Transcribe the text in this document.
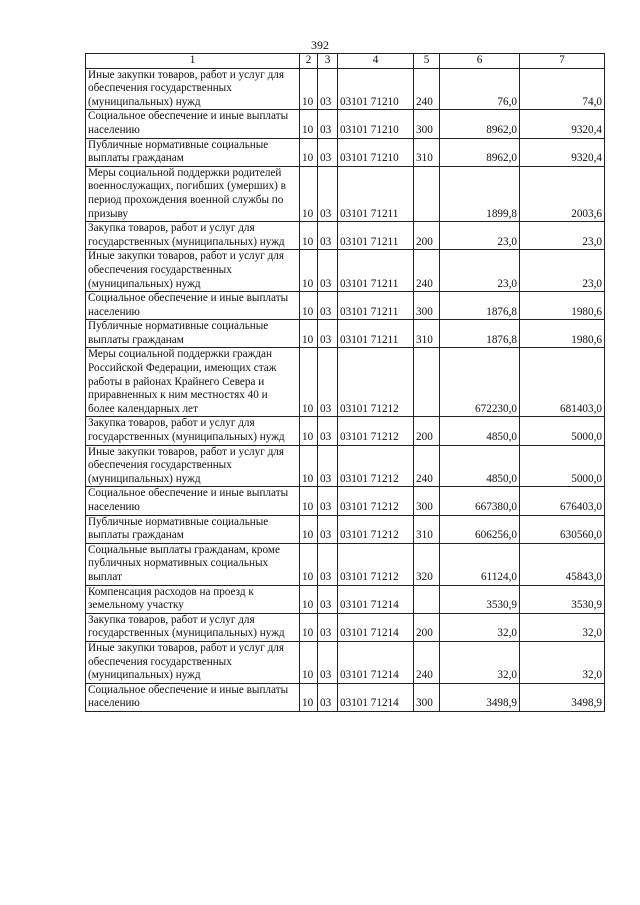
392
1	2	3	4	5	6	7
Иные закупки товаров, работ и услуг для обеспечения государственных (муниципальных) нужд	10	03	03101 71210	240	76,0	74,0
Социальное обеспечение и иные выплаты населению	10	03	03101 71210	300	8962,0	9320,4
Публичные нормативные социальные выплаты гражданам	10	03	03101 71210	310	8962,0	9320,4
Меры социальной поддержки родителей военнослужащих, погибших (умерших) в период прохождения военной службы по призыву	10	03	03101 71211		1899,8	2003,6
Закупка товаров, работ и услуг для государственных (муниципальных) нужд	10	03	03101 71211	200	23,0	23,0
Иные закупки товаров, работ и услуг для обеспечения государственных (муниципальных) нужд	10	03	03101 71211	240	23,0	23,0
Социальное обеспечение и иные выплаты населению	10	03	03101 71211	300	1876,8	1980,6
Публичные нормативные социальные выплаты гражданам	10	03	03101 71211	310	1876,8	1980,6
Меры социальной поддержки граждан Российской Федерации, имеющих стаж работы в районах Крайнего Севера и приравненных к ним местностях 40 и более календарных лет	10	03	03101 71212		672230,0	681403,0
Закупка товаров, работ и услуг для государственных (муниципальных) нужд	10	03	03101 71212	200	4850,0	5000,0
Иные закупки товаров, работ и услуг для обеспечения государственных (муниципальных) нужд	10	03	03101 71212	240	4850,0	5000,0
Социальное обеспечение и иные выплаты населению	10	03	03101 71212	300	667380,0	676403,0
Публичные нормативные социальные выплаты гражданам	10	03	03101 71212	310	606256,0	630560,0
Социальные выплаты гражданам, кроме публичных нормативных социальных выплат	10	03	03101 71212	320	61124,0	45843,0
Компенсация расходов на проезд к земельному участку	10	03	03101 71214		3530,9	3530,9
Закупка товаров, работ и услуг для государственных (муниципальных) нужд	10	03	03101 71214	200	32,0	32,0
Иные закупки товаров, работ и услуг для обеспечения государственных (муниципальных) нужд	10	03	03101 71214	240	32,0	32,0
Социальное обеспечение и иные выплаты населению	10	03	03101 71214	300	3498,9	3498,9
